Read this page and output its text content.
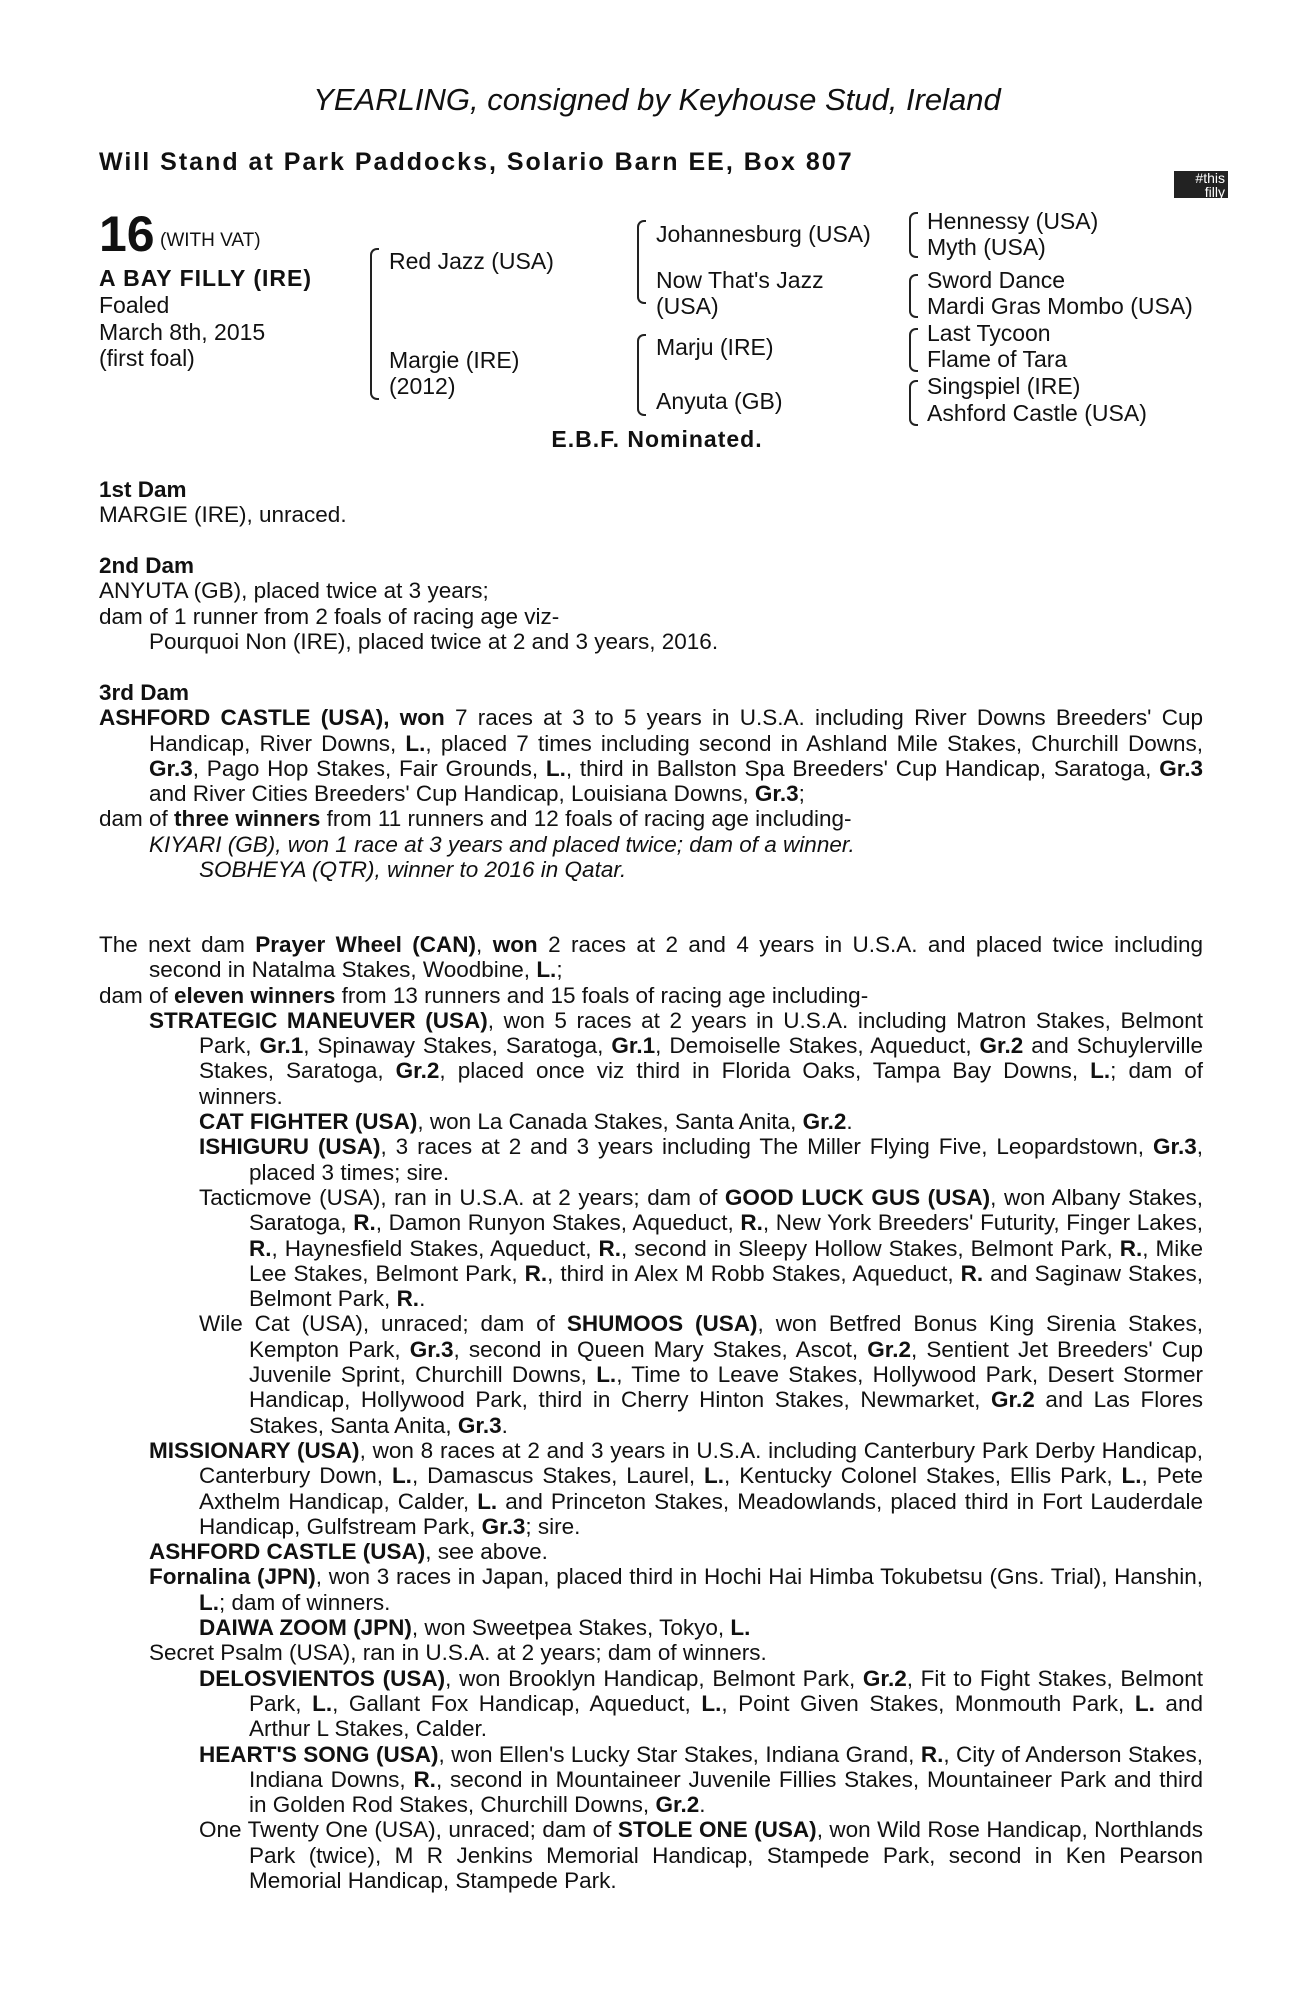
YEARLING, consigned by Keyhouse Stud, Ireland
Will Stand at Park Paddocks, Solario Barn EE, Box 807
#this
filly
can
16 (WITH VAT)
A BAY FILLY (IRE)
Foaled
March 8th, 2015
(first foal)
Red Jazz (USA)
Margie (IRE)
(2012)
Johannesburg (USA)
Now That's Jazz
(USA)
Marju (IRE)
Anyuta (GB)
Hennessy (USA)
Myth (USA)
Sword Dance
Mardi Gras Mombo (USA)
Last Tycoon
Flame of Tara
Singspiel (IRE)
Ashford Castle (USA)
E.B.F. Nominated.

1st Dam

MARGIE (IRE), unraced.

2nd Dam

ANYUTA (GB), placed twice at 3 years;

dam of 1 runner from 2 foals of racing age viz-

Pourquoi Non (IRE), placed twice at 2 and 3 years, 2016.

3rd Dam

ASHFORD CASTLE (USA), won 7 races at 3 to 5 years in U.S.A. including River Downs Breeders' Cup Handicap, River Downs, L., placed 7 times including second in Ashland Mile Stakes, Churchill Downs, Gr.3, Pago Hop Stakes, Fair Grounds, L., third in Ballston Spa Breeders' Cup Handicap, Saratoga, Gr.3 and River Cities Breeders' Cup Handicap, Louisiana Downs, Gr.3;

dam of three winners from 11 runners and 12 foals of racing age including-

KIYARI (GB), won 1 race at 3 years and placed twice; dam of a winner.

SOBHEYA (QTR), winner to 2016 in Qatar.

The next dam Prayer Wheel (CAN), won 2 races at 2 and 4 years in U.S.A. and placed twice including second in Natalma Stakes, Woodbine, L.;

dam of eleven winners from 13 runners and 15 foals of racing age including-

STRATEGIC MANEUVER (USA), won 5 races at 2 years in U.S.A. including Matron Stakes, Belmont Park, Gr.1, Spinaway Stakes, Saratoga, Gr.1, Demoiselle Stakes, Aqueduct, Gr.2 and Schuylerville Stakes, Saratoga, Gr.2, placed once viz third in Florida Oaks, Tampa Bay Downs, L.; dam of winners.

CAT FIGHTER (USA), won La Canada Stakes, Santa Anita, Gr.2.

ISHIGURU (USA), 3 races at 2 and 3 years including The Miller Flying Five, Leopardstown, Gr.3, placed 3 times; sire.

Tacticmove (USA), ran in U.S.A. at 2 years; dam of GOOD LUCK GUS (USA), won Albany Stakes, Saratoga, R., Damon Runyon Stakes, Aqueduct, R., New York Breeders' Futurity, Finger Lakes, R., Haynesfield Stakes, Aqueduct, R., second in Sleepy Hollow Stakes, Belmont Park, R., Mike Lee Stakes, Belmont Park, R., third in Alex M Robb Stakes, Aqueduct, R. and Saginaw Stakes, Belmont Park, R..

Wile Cat (USA), unraced; dam of SHUMOOS (USA), won Betfred Bonus King Sirenia Stakes, Kempton Park, Gr.3, second in Queen Mary Stakes, Ascot, Gr.2, Sentient Jet Breeders' Cup Juvenile Sprint, Churchill Downs, L., Time to Leave Stakes, Hollywood Park, Desert Stormer Handicap, Hollywood Park, third in Cherry Hinton Stakes, Newmarket, Gr.2 and Las Flores Stakes, Santa Anita, Gr.3.

MISSIONARY (USA), won 8 races at 2 and 3 years in U.S.A. including Canterbury Park Derby Handicap, Canterbury Down, L., Damascus Stakes, Laurel, L., Kentucky Colonel Stakes, Ellis Park, L., Pete Axthelm Handicap, Calder, L. and Princeton Stakes, Meadowlands, placed third in Fort Lauderdale Handicap, Gulfstream Park, Gr.3; sire.

ASHFORD CASTLE (USA), see above.

Fornalina (JPN), won 3 races in Japan, placed third in Hochi Hai Himba Tokubetsu (Gns. Trial), Hanshin, L.; dam of winners.

DAIWA ZOOM (JPN), won Sweetpea Stakes, Tokyo, L.

Secret Psalm (USA), ran in U.S.A. at 2 years; dam of winners.

DELOSVIENTOS (USA), won Brooklyn Handicap, Belmont Park, Gr.2, Fit to Fight Stakes, Belmont Park, L., Gallant Fox Handicap, Aqueduct, L., Point Given Stakes, Monmouth Park, L. and Arthur L Stakes, Calder.

HEART'S SONG (USA), won Ellen's Lucky Star Stakes, Indiana Grand, R., City of Anderson Stakes, Indiana Downs, R., second in Mountaineer Juvenile Fillies Stakes, Mountaineer Park and third in Golden Rod Stakes, Churchill Downs, Gr.2.

One Twenty One (USA), unraced; dam of STOLE ONE (USA), won Wild Rose Handicap, Northlands Park (twice), M R Jenkins Memorial Handicap, Stampede Park, second in Ken Pearson Memorial Handicap, Stampede Park.
